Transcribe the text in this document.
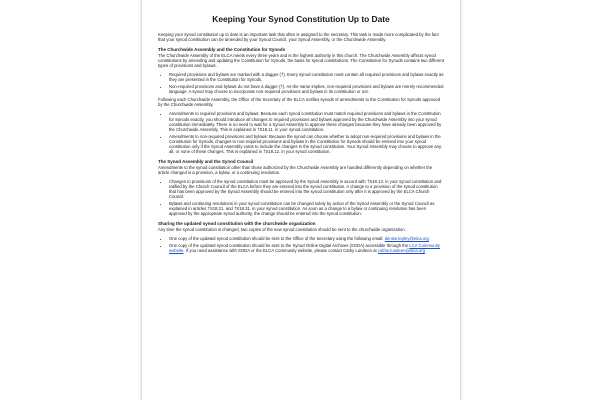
Keeping Your Synod Constitution Up to Date

Keeping your synod constitution up to date is an important task that often is assigned to the secretary. This task is made more complicated by the fact that your synod constitution can be amended by your Synod Council, your Synod Assembly, or the Churchwide Assembly.

The Churchwide Assembly and the Constitution for Synods

The Churchwide Assembly of the ELCA meets every three years and is the highest authority in this church. The Churchwide Assembly affects synod constitutions by amending and updating the Constitution for Synods, the basis for synod constitutions. The Constitution for Synods contains two different types of provisions and bylaws.

• Required provisions and bylaws are marked with a dagger (†). Every synod constitution must contain all required provisions and bylaws exactly as they are presented in the Constitution for Synods.
• Non-required provisions and bylaws do not have a dagger (†). As the name implies, non-required provisions and bylaws are merely recommended language. A synod may choose to incorporate non-required provisions and bylaws in its constitution or not.

Following each Churchwide Assembly, the Office of the Secretary of the ELCA notifies synods of amendments to the Constitution for Synods approved by the Churchwide Assembly.

• Amendments to required provisions and bylaws: Because each synod constitution must match required provisions and bylaws in the Constitution for Synods exactly, you should introduce all changes to required provisions and bylaws approved by the Churchwide Assembly into your synod constitution immediately. There is no need to wait for a Synod Assembly to approve these changes because they have already been approved by the Churchwide Assembly. This is explained in †S18.11. in your synod constitution.
• Amendments to non-required provisions and bylaws: Because the synod can choose whether to adopt non-required provisions and bylaws in the Constitution for Synods, changes to non-required provisions and bylaws in the Constitution for Synods should be entered into your synod constitution only if the Synod Assembly votes to include the changes in the synod constitution. Your Synod Assembly may choose to approve any, all, or none of these changes. This is explained in †S18.12. in your synod constitution.
The Synod Assembly and the Synod Council

Amendments to the synod constitution other than those authorized by the Churchwide Assembly are handled differently depending on whether the article changed is a provision, a bylaw, or a continuing resolution.

• Changes to provisions of the synod constitution must be approved by the Synod Assembly in accord with †S18.13. in your synod constitution and ratified by the Church Council of the ELCA before they are entered into the synod constitution. A change to a provision of the synod constitution that has been approved by the Synod Assembly should be entered into the synod constitution only after it is approved by the ELCA Church Council.
• Bylaws and continuing resolutions in your synod constitution can be changed solely by action of the Synod Assembly or the Synod Council as explained in articles †S18.21. and †S18.31. in your synod constitution. As soon as a change to a bylaw or continuing resolution has been approved by the appropriate synod authority, the change should be entered into the synod constitution.
Sharing the updated synod constitution with the churchwide organization

Any time the synod constitution is changed, two copies of the new synod constitution should be sent to the churchwide organization.

• One copy of the updated synod constitution should be sent to the Office of the Secretary using the following email: denise.lepley@elca.org
• One copy of the updated synod constitution should be sent to the Synod Online Digital Archives (SODA) accessible through the LCA Community website. If you need assistance with SODA or the ELCA Community website, please contact Cathy Lundeen at cathie.lundeen@elca.org
